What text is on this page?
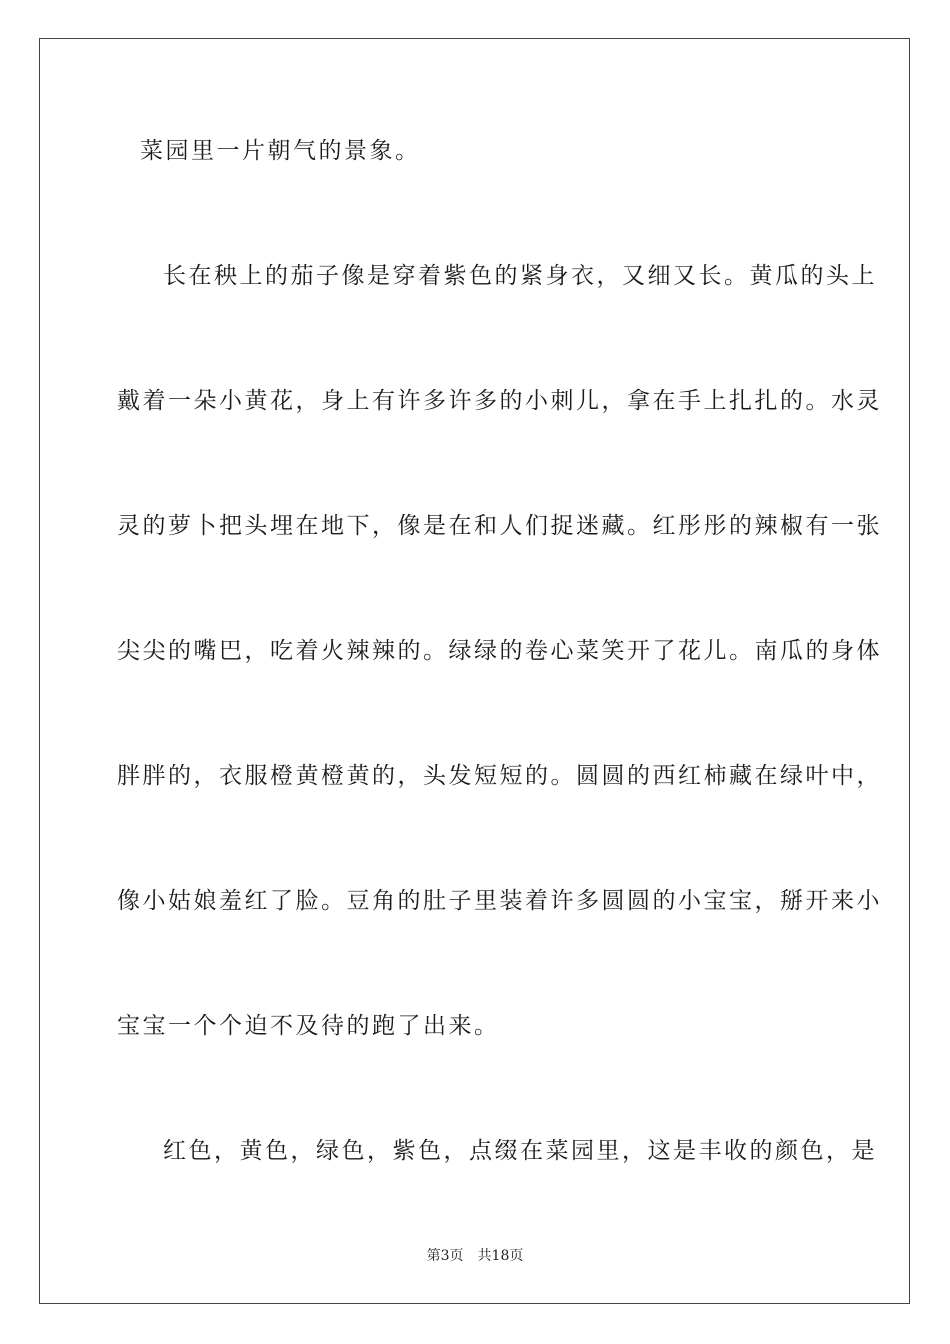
菜园里一片朝气的景象。
长在秧上的茄子像是穿着紫色的紧身衣，又细又长。黄瓜的头上
戴着一朵小黄花，身上有许多许多的小刺儿，拿在手上扎扎的。水灵
灵的萝卜把头埋在地下，像是在和人们捉迷藏。红彤彤的辣椒有一张
尖尖的嘴巴，吃着火辣辣的。绿绿的卷心菜笑开了花儿。南瓜的身体
胖胖的，衣服橙黄橙黄的，头发短短的。圆圆的西红柿藏在绿叶中，
像小姑娘羞红了脸。豆角的肚子里装着许多圆圆的小宝宝，掰开来小
宝宝一个个迫不及待的跑了出来。
红色，黄色，绿色，紫色，点缀在菜园里，这是丰收的颜色，是
第3页　共18页
